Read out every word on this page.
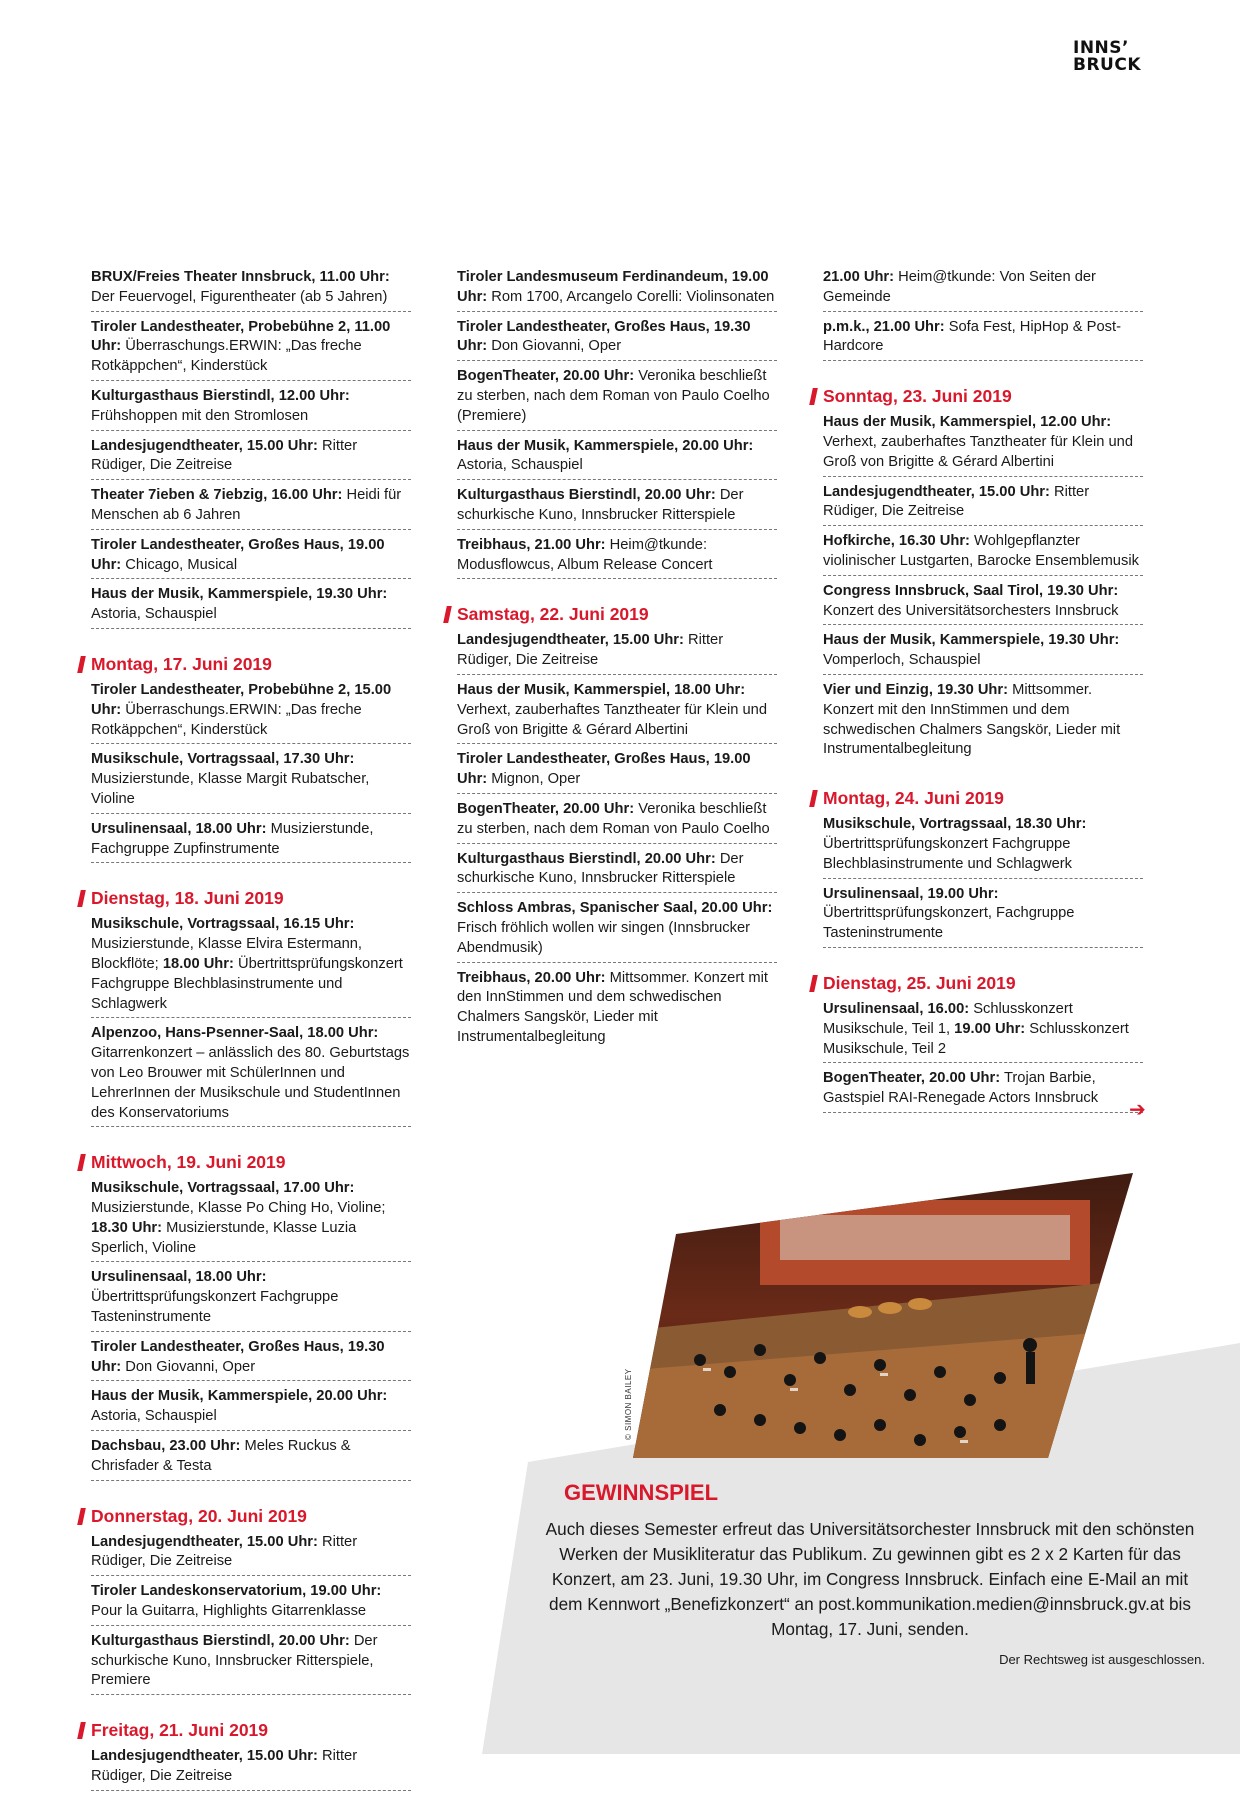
© SIMON BAILEY
INNS’
BRUCK
BRUX/Freies Theater Innsbruck, 11.00 Uhr: Der Feuervogel, Figurentheater (ab 5 Jahren)
Tiroler Landestheater, Probebühne 2, 11.00 Uhr: Überraschungs.ERWIN: „Das freche Rotkäppchen“, Kinderstück
Kulturgasthaus Bierstindl, 12.00 Uhr: Frühshoppen mit den Stromlosen
Landesjugendtheater, 15.00 Uhr: Ritter Rüdiger, Die Zeitreise
Theater 7ieben & 7iebzig, 16.00 Uhr: Heidi für Menschen ab 6 Jahren
Tiroler Landestheater, Großes Haus, 19.00 Uhr: Chicago, Musical
Haus der Musik, Kammerspiele, 19.30 Uhr: Astoria, Schauspiel
Montag, 17. Juni 2019
Tiroler Landestheater, Probebühne 2, 15.00 Uhr: Überraschungs.ERWIN: „Das freche Rotkäppchen“, Kinderstück
Musikschule, Vortragssaal, 17.30 Uhr: Musizierstunde, Klasse Margit Rubatscher, Violine
Ursulinensaal, 18.00 Uhr: Musizierstunde, Fachgruppe Zupfinstrumente
Dienstag, 18. Juni 2019
Musikschule, Vortragssaal, 16.15 Uhr: Musizierstunde, Klasse Elvira Estermann, Blockflöte; 18.00 Uhr: Übertrittsprüfungskonzert Fachgruppe Blechblasinstrumente und Schlagwerk
Alpenzoo, Hans-Psenner-Saal, 18.00 Uhr: Gitarrenkonzert – anlässlich des 80. Geburtstags von Leo Brouwer mit SchülerInnen und LehrerInnen der Musikschule und StudentInnen des Konservatoriums
Mittwoch, 19. Juni 2019
Musikschule, Vortragssaal, 17.00 Uhr: Musizierstunde, Klasse Po Ching Ho, Violine; 18.30 Uhr: Musizierstunde, Klasse Luzia Sperlich, Violine
Ursulinensaal, 18.00 Uhr: Übertrittsprüfungskonzert Fachgruppe Tasteninstrumente
Tiroler Landestheater, Großes Haus, 19.30 Uhr: Don Giovanni, Oper
Haus der Musik, Kammerspiele, 20.00 Uhr: Astoria, Schauspiel
Dachsbau, 23.00 Uhr: Meles Ruckus & Chrisfader & Testa
Donnerstag, 20. Juni 2019
Landesjugendtheater, 15.00 Uhr: Ritter Rüdiger, Die Zeitreise
Tiroler Landeskonservatorium, 19.00 Uhr: Pour la Guitarra, Highlights Gitarrenklasse
Kulturgasthaus Bierstindl, 20.00 Uhr: Der schurkische Kuno, Innsbrucker Ritterspiele, Premiere
Freitag, 21. Juni 2019
Landesjugendtheater, 15.00 Uhr: Ritter Rüdiger, Die Zeitreise
Tiroler Landesmuseum Ferdinandeum, 19.00 Uhr: Rom 1700, Arcangelo Corelli: Violinsonaten
Tiroler Landestheater, Großes Haus, 19.30 Uhr: Don Giovanni, Oper
BogenTheater, 20.00 Uhr: Veronika beschließt zu sterben, nach dem Roman von Paulo Coelho (Premiere)
Haus der Musik, Kammerspiele, 20.00 Uhr: Astoria, Schauspiel
Kulturgasthaus Bierstindl, 20.00 Uhr: Der schurkische Kuno, Innsbrucker Ritterspiele
Treibhaus, 21.00 Uhr: Heim@tkunde: Modusflowcus, Album Release Concert
Samstag, 22. Juni 2019
Landesjugendtheater, 15.00 Uhr: Ritter Rüdiger, Die Zeitreise
Haus der Musik, Kammerspiel, 18.00 Uhr: Verhext, zauberhaftes Tanztheater für Klein und Groß von Brigitte & Gérard Albertini
Tiroler Landestheater, Großes Haus, 19.00 Uhr: Mignon, Oper
BogenTheater, 20.00 Uhr: Veronika beschließt zu sterben, nach dem Roman von Paulo Coelho
Kulturgasthaus Bierstindl, 20.00 Uhr: Der schurkische Kuno, Innsbrucker Ritterspiele
Schloss Ambras, Spanischer Saal, 20.00 Uhr: Frisch fröhlich wollen wir singen (Innsbrucker Abendmusik)
Treibhaus, 20.00 Uhr: Mittsommer. Konzert mit den InnStimmen und dem schwedischen Chalmers Sangskör, Lieder mit Instrumentalbegleitung
21.00 Uhr: Heim@tkunde: Von Seiten der Gemeinde
p.m.k., 21.00 Uhr: Sofa Fest, HipHop & Post-Hardcore
Sonntag, 23. Juni 2019
Haus der Musik, Kammerspiel, 12.00 Uhr: Verhext, zauberhaftes Tanztheater für Klein und Groß von Brigitte & Gérard Albertini
Landesjugendtheater, 15.00 Uhr: Ritter Rüdiger, Die Zeitreise
Hofkirche, 16.30 Uhr: Wohlgepflanzter violinischer Lustgarten, Barocke Ensemblemusik
Congress Innsbruck, Saal Tirol, 19.30 Uhr: Konzert des Universitätsorchesters Innsbruck
Haus der Musik, Kammerspiele, 19.30 Uhr: Vomperloch, Schauspiel
Vier und Einzig, 19.30 Uhr: Mittsommer. Konzert mit den InnStimmen und dem schwedischen Chalmers Sangskör, Lieder mit Instrumentalbegleitung
Montag, 24. Juni 2019
Musikschule, Vortragssaal, 18.30 Uhr: Übertrittsprüfungskonzert Fachgruppe Blechblasinstrumente und Schlagwerk
Ursulinensaal, 19.00 Uhr: Übertrittsprüfungskonzert, Fachgruppe Tasteninstrumente
Dienstag, 25. Juni 2019
Ursulinensaal, 16.00: Schlusskonzert Musikschule, Teil 1, 19.00 Uhr: Schlusskonzert Musikschule, Teil 2
BogenTheater, 20.00 Uhr: Trojan Barbie, Gastspiel RAI-Renegade Actors Innsbruck
➔
GEWINNSPIEL
Auch dieses Semester erfreut das Universitätsorchester Innsbruck mit den schönsten Werken der Musikliteratur das Publikum. Zu gewinnen gibt es 2 x 2 Karten für das Konzert, am 23. Juni, 19.30 Uhr, im Congress Innsbruck. Einfach eine E-Mail an mit dem Kennwort „Benefizkonzert“ an post.kommunikation.medien@innsbruck.gv.at bis Montag, 17. Juni, senden.
Der Rechtsweg ist ausgeschlossen.
